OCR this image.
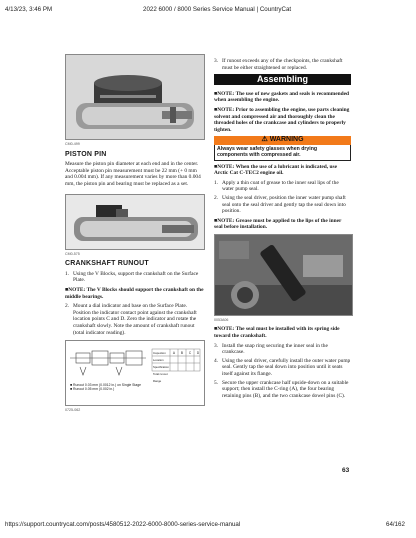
4/13/23, 3:46 PM	2022 6000 / 8000 Series Service Manual | CountryCat
CM0-499
PISTON PIN

Measure the piston pin diameter at each end and in the center. Acceptable piston pin measurement must be 22 mm (+ 0 mm and 0.004 mm). If any measurement varies by more than 0.004 mm, the piston pin and bearing must be replaced as a set.

CM0-575
CRANKSHAFT RUNOUT
1. Using the V Blocks, support the crankshaft on the Surface Plate.

■NOTE: The V Blocks should support the crankshaft on the middle bearings.

2. Mount a dial indicator and base on the Surface Plate. Position the indicator contact point against the crankshaft location points C and D. Zero the indicator and rotate the crankshaft slowly. Note the amount of crankshaft runout (total indicator reading).
■ Runout 0.03 mm (0.0012 in.) on Single Stage
■ Runout 0.05 mm (0.002 in.)
Inspection Location
Specification
Total runout Range
A	B	C	D
0725-062
3. If runout exceeds any of the checkpoints, the crankshaft must be either straightened or replaced.
Assembling

■NOTE: The use of new gaskets and seals is recommended when assembling the engine.

■NOTE: Prior to assembling the engine, use parts cleaning solvent and compressed air and thoroughly clean the threaded holes of the crankcase and cylinders to properly tighten.

⚠ WARNING
Always wear safety glasses when drying components with compressed air.

■NOTE: When the use of a lubricant is indicated, use Arctic Cat C-TEC2 engine oil.

1. Apply a thin coat of grease to the inner seal lips of the water pump seal.
2. Using the seal driver, position the inner water pump shaft seal onto the seal driver and gently tap the seal down into position.

■NOTE: Grease must be applied to the lips of the inner seal before installation.

0053A06

■NOTE: The seal must be installed with its spring side toward the crankshaft.

3. Install the snap ring securing the inner seal in the crankcase.
4. Using the seal driver, carefully install the outer water pump seal. Gently tap the seal down into position until it seats itself against its flange.
5. Secure the upper crankcase half upside-down on a suitable support; then install the C-ring (A), the four bearing retaining pins (B), and the two crankcase dowel pins (C).
63
https://support.countrycat.com/posts/4580512-2022-6000-8000-series-service-manual	64/162
